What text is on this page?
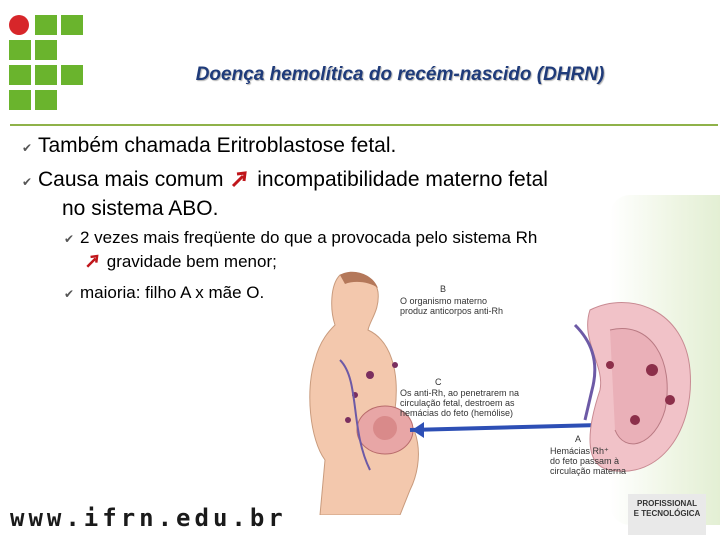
Doença hemolítica do recém-nascido (DHRN)
✔ Também chamada Eritroblastose fetal.
✔ Causa mais comum incompatibilidade materno fetal
no sistema ABO.
✔ 2 vezes mais freqüente do que a provocada pelo sistema Rh
gravidade bem menor;
✔ maioria: filho A x mãe O.	B
O organismo materno
produz anticorpos anti-Rh
C
Os anti-Rh, ao penetrarem na
circulação fetal, destroem as
hemácias do feto (hemólise)
A
Hemácias Rh⁺
do feto passam à
circulação materna
www.ifrn.edu.br
PROFISSIONAL
E TECNOLÓGICA
